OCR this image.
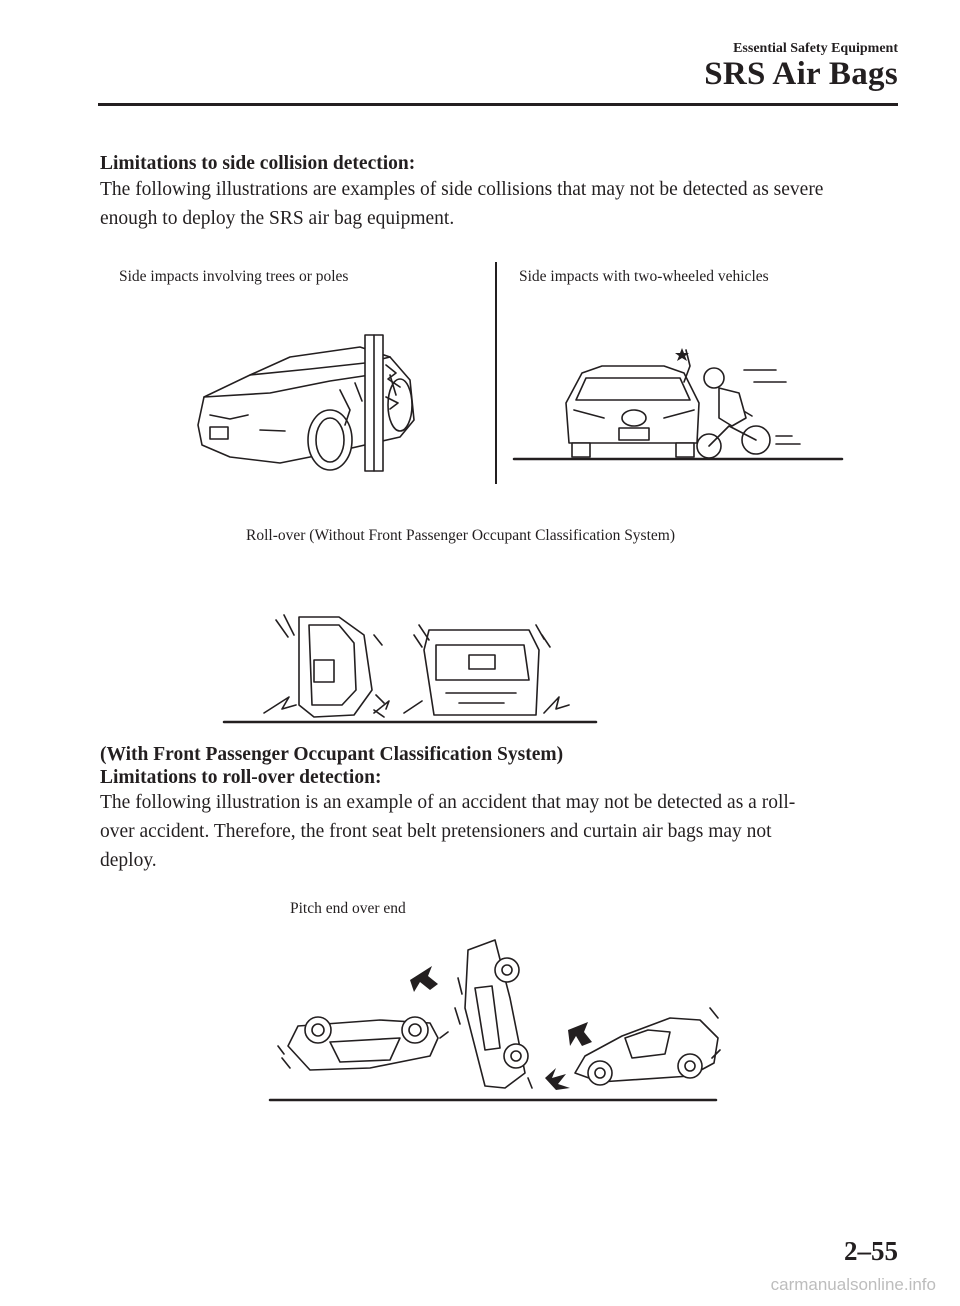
Essential Safety Equipment
SRS Air Bags
Limitations to side collision detection:
The following illustrations are examples of side collisions that may not be detected as severe
enough to deploy the SRS air bag equipment.
Side impacts involving trees or poles	Side impacts with two-wheeled vehicles
Roll-over (Without Front Passenger Occupant Classification System)
(With Front Passenger Occupant Classification System)
Limitations to roll-over detection:
The following illustration is an example of an accident that may not be detected as a roll-
over accident. Therefore, the front seat belt pretensioners and curtain air bags may not
deploy.
Pitch end over end
2–55
carmanualsonline.info
